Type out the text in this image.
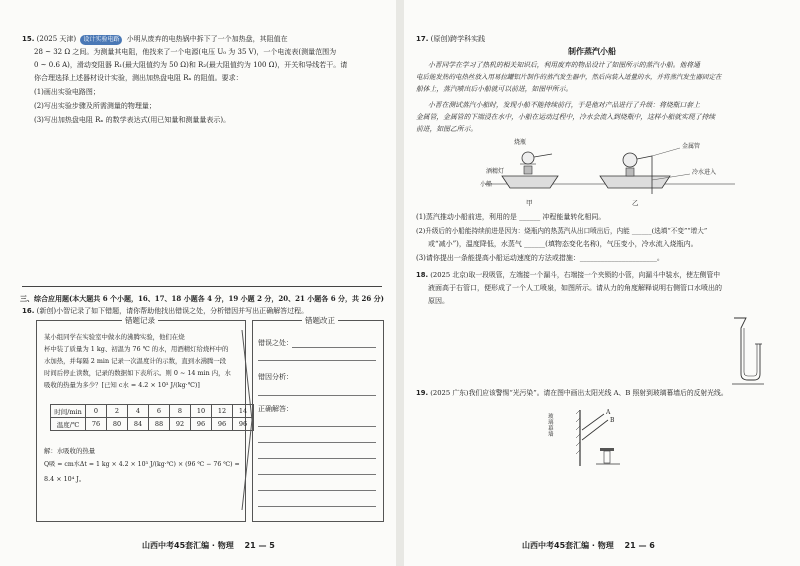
15. (2025 天津) 设计实验电路 小明从废弃的电热锅中拆下了一个加热盘，其阻值在
28 ~ 32 Ω 之间。为测量其电阻，他找来了一个电源(电压 U₀ 为 35 V)，一个电流表(测量范围为
0 ~ 0.6 A)，滑动变阻器 R₁(最大阻值约为 50 Ω)和 R₂(最大阻值约为 100 Ω)，开关和导线若干。请
你合理选择上述器材设计实验，测出加热盘电阻 Rₓ 的阻值。要求：
(1)画出实验电路图；
(2)写出实验步骤及所需测量的物理量；
(3)写出加热盘电阻 Rₓ 的数学表达式(用已知量和测量量表示)。
三、综合应用题(本大题共 6 个小题，16、17、18 小题各 4 分，19 小题 2 分，20、21 小题各 6 分，共 26 分)
16. (新创)小智记录了如下错题，请你帮助他找出错误之处，分析错因并写出正确解答过程。
错题记录
某小组同学在实验室中做水的沸腾实验，他们在烧
杯中装了质量为 1 kg、初温为 76 ℃ 的水，用酒精灯给烧杯中的
水加热，并每隔 2 min 记录一次温度计的示数，直到水沸腾一段
时间后停止读数，记录的数据如下表所示。则 0 ~ 14 min 内，水
吸收的热量为多少？[已知 c水 = 4.2 × 10³ J/(kg·℃)]
时间/min	0	2	4	6	8	10	12	14
温度/℃	76	80	84	88	92	96	96	96
解：水吸收的热量
Q吸 = cm水Δt = 1 kg × 4.2 × 10³ J/(kg·℃) × (96 ℃ − 76 ℃) =
8.4 × 10⁴ J。
错题改正
错误之处：
错因分析：
正确解答：
山西中考45套汇编 · 物理 21 — 5
17. (原创)跨学科实践
制作蒸汽小船
小晋同学在学习了热机的相关知识后，利用废弃的物品设计了如图所示的蒸汽小船。他将通
电后能发热的电热丝放入用易拉罐铝片制作的蒸汽发生器中，然后向装入适量的水，并将蒸汽发生器固定在
船体上，蒸汽喷出后小船就可以前进，如图甲所示。
小晋在测试蒸汽小船时，发现小船不能持续前行，于是他对产品进行了升级：将烧瓶口套上
金属管，金属管的下端浸在水中，小船在运动过程中，冷水会流入到烧瓶中，这样小船就实现了持续
前进，如图乙所示。
烧瓶
酒精灯
小船
金属管
冷水进入
甲	乙
(1)蒸汽推动小船前进，利用的是 ______ 冲程能量转化相同。
(2)升级后的小船能持续前进是因为：烧瓶内的热蒸汽从出口喷出后，内能 ______(选填“不变”“增大”
或“减小”)，温度降低，水蒸气 ______(填物态变化名称)，气压变小，冷水流入烧瓶内。
(3)请你提出一条能提高小船运动速度的方法或措施：______________________。
18. (2025 北京)取一段吸管，左端接一个漏斗，右端接一个夹锁的小管，向漏斗中装水，使左侧管中
液面高于右管口，便形成了一个人工喷泉，如图所示。请从力的角度解释说明右侧管口水喷出的
原因。
19. (2025 广东)我们应该警惕“光污染”。请在图中画出太阳光线 A、B 照射到玻璃幕墙后的反射光线。
玻璃幕墙
A
B
山西中考45套汇编 · 物理 21 — 6
